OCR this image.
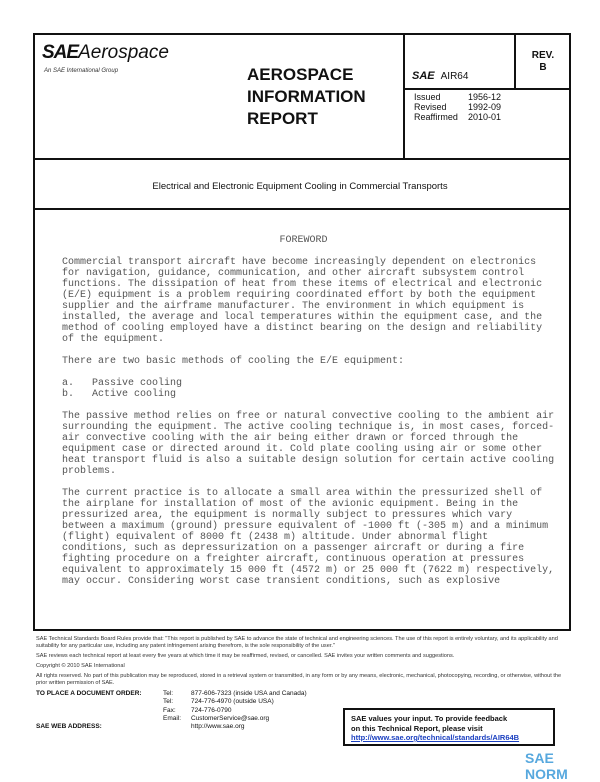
SAEAerospace
An SAE International Group	AEROSPACE
INFORMATION
REPORT
SAE AIR64
REV.
B
Issued	1956-12
Revised 1992-09
Reaffirmed 2010-01
Electrical and Electronic Equipment Cooling in Commercial Transports
FOREWORD
Commercial transport aircraft have become increasingly dependent on electronics
for navigation, guidance, communication, and other aircraft subsystem control
functions. The dissipation of heat from these items of electrical and electronic
(E/E) equipment is a problem requiring coordinated effort by both the equipment
supplier and the airframe manufacturer. The environment in which equipment is
installed, the average and local temperatures within the equipment case, and the
method of cooling employed have a distinct bearing on the design and reliability
of the equipment.
There are two basic methods of cooling the E/E equipment:
a.   Passive cooling
b.   Active cooling
The passive method relies on free or natural convective cooling to the ambient air
surrounding the equipment. The active cooling technique is, in most cases, forced-
air convective cooling with the air being either drawn or forced through the
equipment case or directed around it. Cold plate cooling using air or some other
heat transport fluid is also a suitable design solution for certain active cooling
problems.
The current practice is to allocate a small area within the pressurized shell of
the airplane for installation of most of the avionic equipment. Being in the
pressurized area, the equipment is normally subject to pressures which vary
between a maximum (ground) pressure equivalent of -1000 ft (-305 m) and a minimum
(flight) equivalent of 8000 ft (2438 m) altitude. Under abnormal flight
conditions, such as depressurization on a passenger aircraft or during a fire
fighting procedure on a freighter aircraft, continuous operation at pressures
equivalent to approximately 15 000 ft (4572 m) or 25 000 ft (7622 m) respectively,
may occur. Considering worst case transient conditions, such as explosive

SAE Technical Standards Board Rules provide that: "This report is published by SAE to advance the state of technical and engineering sciences. The use of this report is entirely voluntary, and its applicability and suitability for any particular use, including any patent infringement arising therefrom, is the sole responsibility of the user."

SAE reviews each technical report at least every five years at which time it may be reaffirmed, revised, or cancelled. SAE invites your written comments and suggestions.

Copyright © 2010 SAE International

All rights reserved. No part of this publication may be reproduced, stored in a retrieval system or transmitted, in any form or by any means, electronic, mechanical, photocopying, recording, or otherwise, without the prior written permission of SAE.

TO PLACE A DOCUMENT ORDER:
SAE WEB ADDRESS:
Tel:	877-606-7323 (inside USA and Canada)
Tel:	724-776-4970 (outside USA)
Fax: 724-776-0790
Email: CustomerService@sae.org
http://www.sae.org
SAE values your input. To provide feedback
on this Technical Report, please visit
http://www.sae.org/technical/standards/AIR64B
SAE NORM
